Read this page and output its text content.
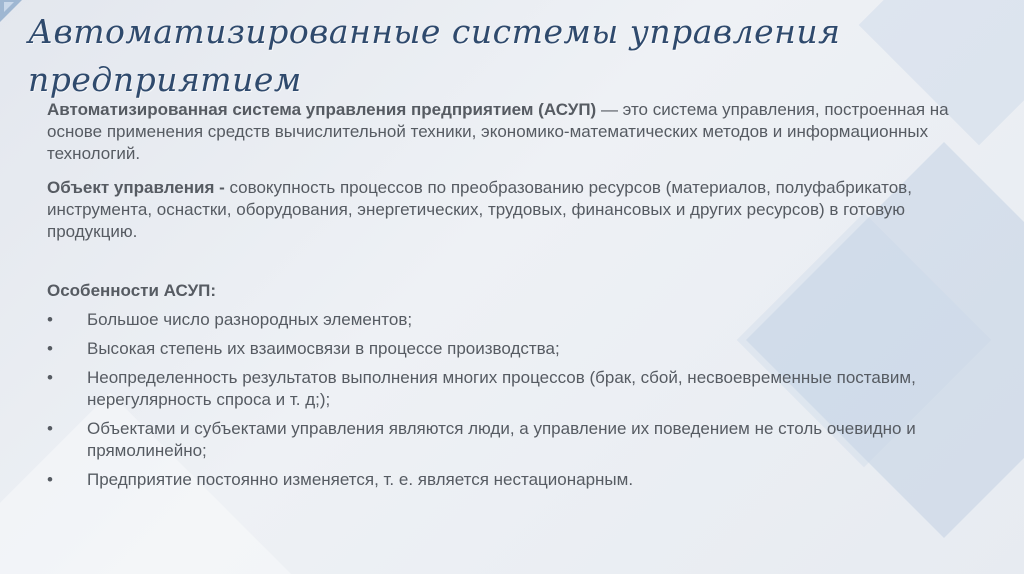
Автоматизированные системы управления предприятием
Автоматизированная система управления предприятием (АСУП) — это система управления, построенная на основе применения средств вычислительной техники, экономико-математических методов и информационных технологий.
Объект управления - совокупность процессов по преобразованию ресурсов (материалов, полуфабрикатов, инструмента, оснастки, оборудования, энергетических, трудовых, финансовых и других ресурсов) в готовую продукцию.
Особенности АСУП:
• Большое число разнородных элементов;
• Высокая степень их взаимосвязи в процессе производства;
• Неопределенность результатов выполнения многих процессов (брак, сбой, несвоевременные поставим, нерегулярность спроса и т. д;);
• Объектами и субъектами управления являются люди, а управление их поведением не столь очевидно и прямолинейно;
• Предприятие постоянно изменяется, т. е. является нестационарным.
